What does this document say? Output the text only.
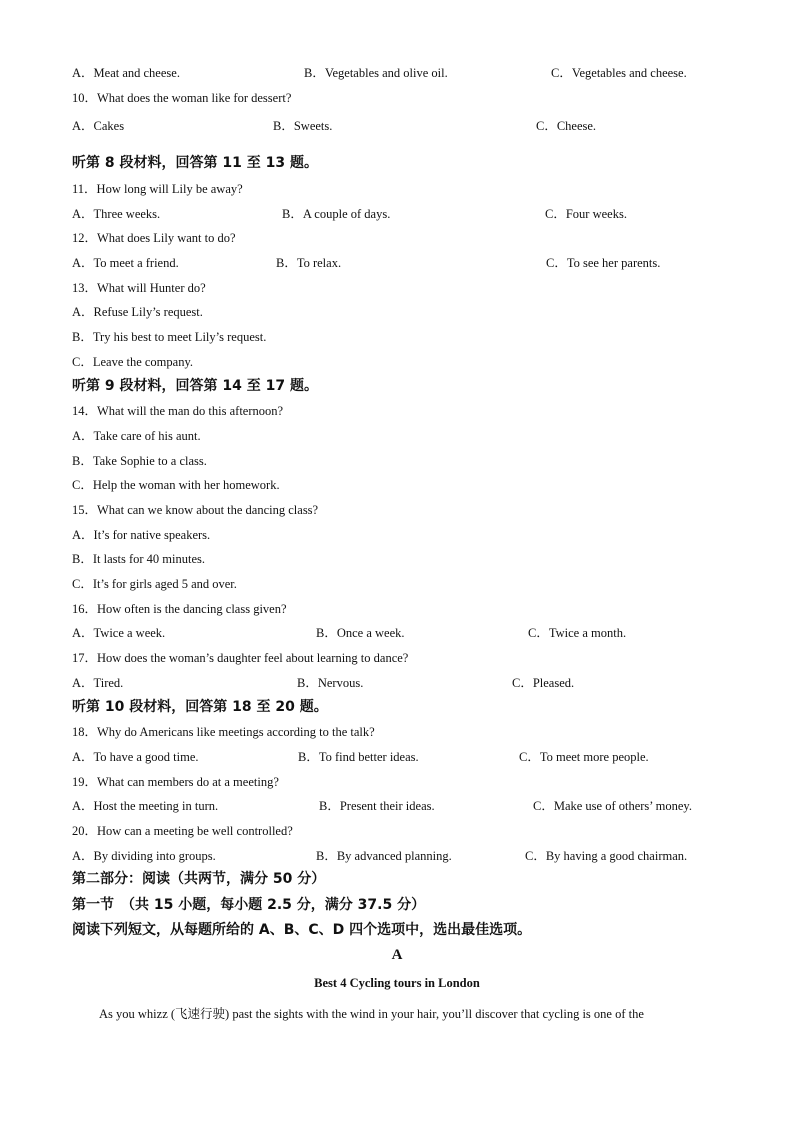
A．Meat and cheese.	B．Vegetables and olive oil.	C．Vegetables and cheese.
10．What does the woman like for dessert?
A．Cakes	B．Sweets.	C．Cheese.
听第 8 段材料，回答第 11 至 13 题。
11．How long will Lily be away?
A．Three weeks.	B．A couple of days.	C．Four weeks.
12．What does Lily want to do?
A．To meet a friend.	B．To relax.	C．To see her parents.
13．What will Hunter do?
A．Refuse Lily’s request.
B．Try his best to meet Lily’s request.
C．Leave the company.
听第 9 段材料，回答第 14 至 17 题。
14．What will the man do this afternoon?
A．Take care of his aunt.
B．Take Sophie to a class.
C．Help the woman with her homework.
15．What can we know about the dancing class?
A．It’s for native speakers.
B．It lasts for 40 minutes.
C．It’s for girls aged 5 and over.
16．How often is the dancing class given?
A．Twice a week.	B．Once a week.	C．Twice a month.
17．How does the woman’s daughter feel about learning to dance?
A．Tired.	B．Nervous.	C．Pleased.
听第 10 段材料，回答第 18 至 20 题。
18．Why do Americans like meetings according to the talk?
A．To have a good time.	B．To find better ideas.	C．To meet more people.
19．What can members do at a meeting?
A．Host the meeting in turn.	B．Present their ideas.	C．Make use of others’ money.
20．How can a meeting be well controlled?
A．By dividing into groups.	B．By advanced planning.	C．By having a good chairman.
第二部分：阅读（共两节，满分 50 分）
第一节　（共 15 小题，每小题 2.5 分，满分 37.5 分）
阅读下列短文，从每题所给的 A、B、C、D 四个选项中，选出最佳选项。
A
Best 4 Cycling tours in London
As you whizz (飞速行驶) past the sights with the wind in your hair, you’ll discover that cycling is one of the
